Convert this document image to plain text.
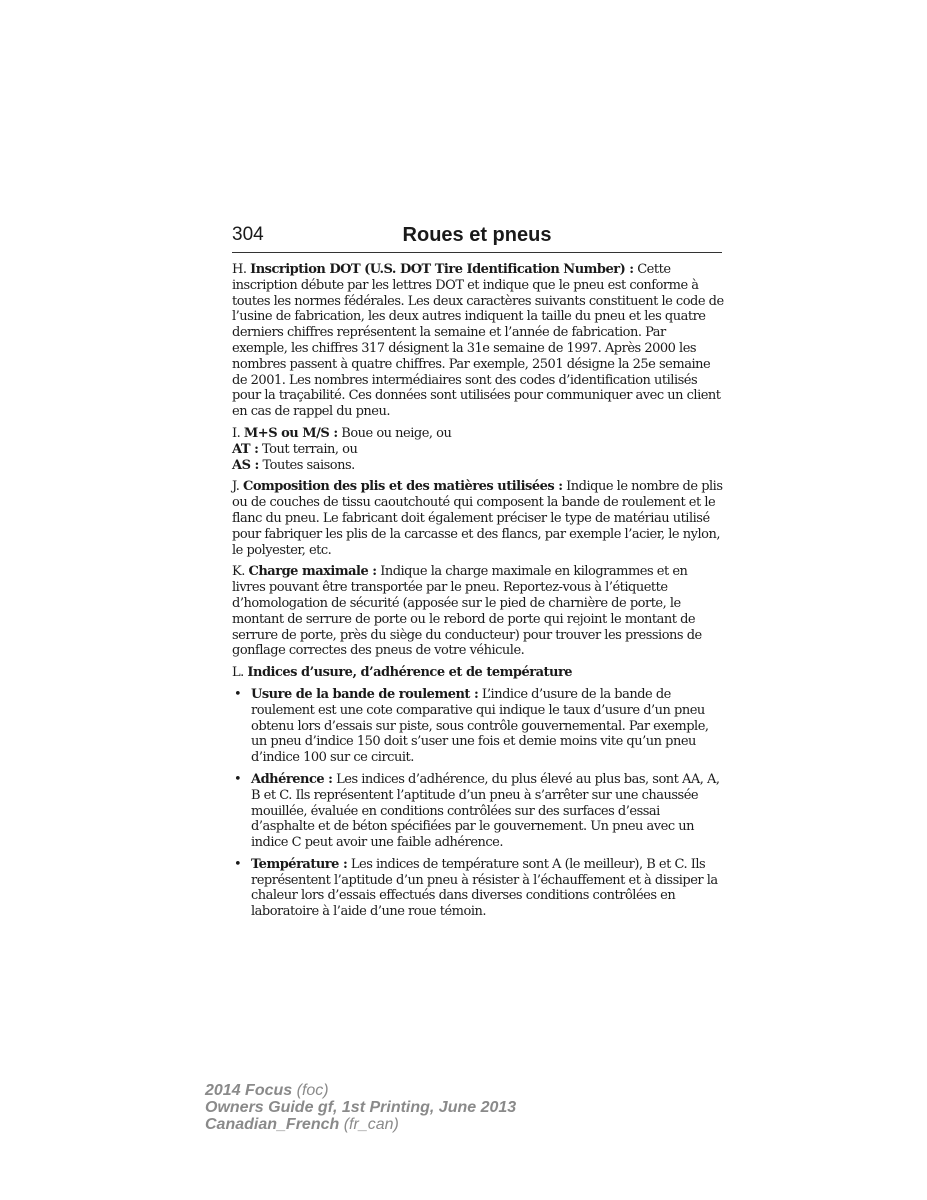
304	Roues et pneus

H. Inscription DOT (U.S. DOT Tire Identification Number) : Cette inscription débute par les lettres DOT et indique que le pneu est conforme à toutes les normes fédérales. Les deux caractères suivants constituent le code de l’usine de fabrication, les deux autres indiquent la taille du pneu et les quatre derniers chiffres représentent la semaine et l’année de fabrication. Par exemple, les chiffres 317 désignent la 31e semaine de 1997. Après 2000 les nombres passent à quatre chiffres. Par exemple, 2501 désigne la 25e semaine de 2001. Les nombres intermédiaires sont des codes d’identification utilisés pour la traçabilité. Ces données sont utilisées pour communiquer avec un client en cas de rappel du pneu.

I. M+S ou M/S : Boue ou neige, ou
AT : Tout terrain, ou
AS : Toutes saisons.

J. Composition des plis et des matières utilisées : Indique le nombre de plis ou de couches de tissu caoutchouté qui composent la bande de roulement et le flanc du pneu. Le fabricant doit également préciser le type de matériau utilisé pour fabriquer les plis de la carcasse et des flancs, par exemple l’acier, le nylon, le polyester, etc.

K. Charge maximale : Indique la charge maximale en kilogrammes et en livres pouvant être transportée par le pneu. Reportez-vous à l’étiquette d’homologation de sécurité (apposée sur le pied de charnière de porte, le montant de serrure de porte ou le rebord de porte qui rejoint le montant de serrure de porte, près du siège du conducteur) pour trouver les pressions de gonflage correctes des pneus de votre véhicule.

L. Indices d’usure, d’adhérence et de température

• Usure de la bande de roulement : L’indice d’usure de la bande de roulement est une cote comparative qui indique le taux d’usure d’un pneu obtenu lors d’essais sur piste, sous contrôle gouvernemental. Par exemple, un pneu d’indice 150 doit s’user une fois et demie moins vite qu’un pneu d’indice 100 sur ce circuit.
• Adhérence : Les indices d’adhérence, du plus élevé au plus bas, sont AA, A, B et C. Ils représentent l’aptitude d’un pneu à s’arrêter sur une chaussée mouillée, évaluée en conditions contrôlées sur des surfaces d’essai d’asphalte et de béton spécifiées par le gouvernement. Un pneu avec un indice C peut avoir une faible adhérence.
• Température : Les indices de température sont A (le meilleur), B et C. Ils représentent l’aptitude d’un pneu à résister à l’échauffement et à dissiper la chaleur lors d’essais effectués dans diverses conditions contrôlées en laboratoire à l’aide d’une roue témoin.
2014 Focus (foc)
Owners Guide gf, 1st Printing, June 2013
Canadian_French (fr_can)
